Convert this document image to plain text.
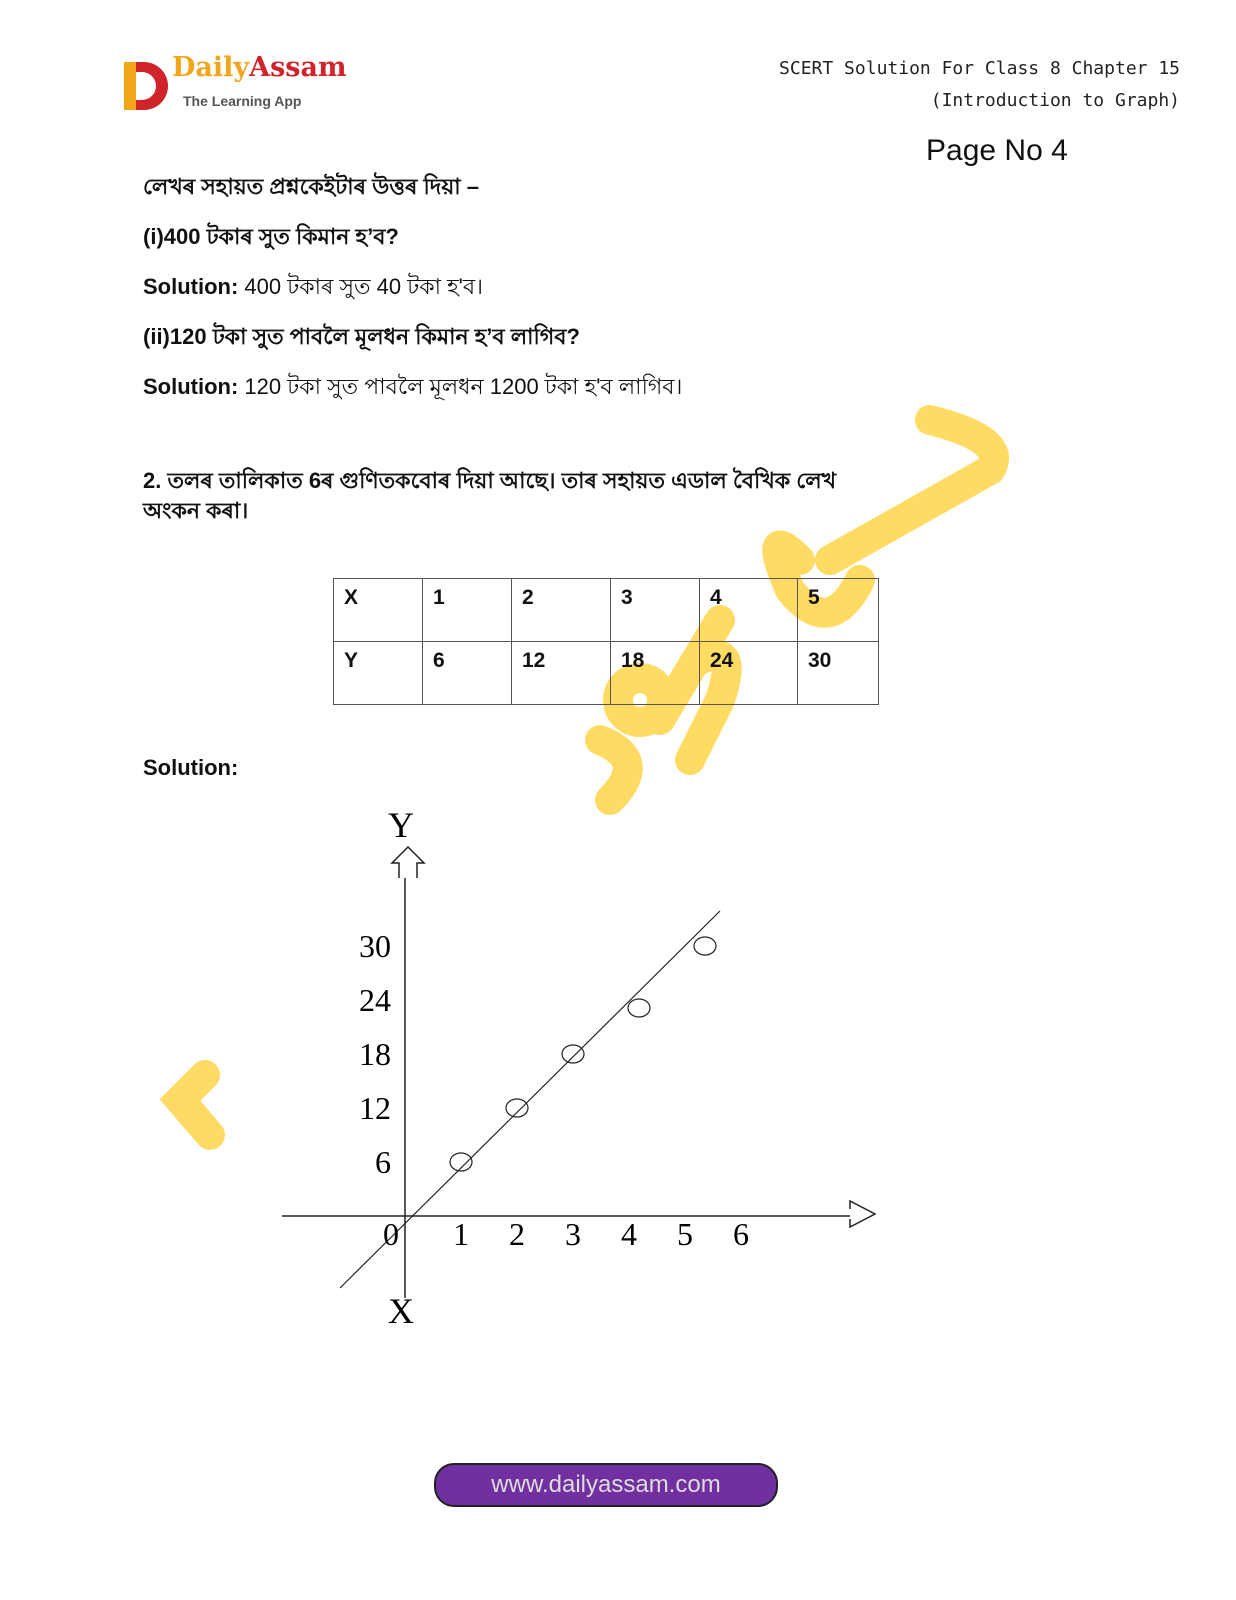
DailyAssam
The Learning App
SCERT Solution For Class 8 Chapter 15
(Introduction to Graph)
Page No 4

লেখৰ সহায়ত প্ৰশ্নকেইটাৰ উত্তৰ দিয়া –

(i)400 টকাৰ সুত কিমান হ’ব?

Solution: 400 টকাৰ সুত 40 টকা হ'ব।

(ii)120 টকা সুত পাবলৈ মূলধন কিমান হ’ব লাগিব?

Solution: 120 টকা সুত পাবলৈ মূলধন 1200 টকা হ'ব লাগিব।

2. তলৰ তালিকাত 6ৰ গুণিতকবোৰ দিয়া আছে। তাৰ সহায়ত এডাল বৈখিক লেখ

অংকন কৰা।

X	1	2	3	4	5
Y	6	12	18	24	30

Solution:

Y
X
0 1 2 3 4 5 6
6
12
18
24
30
www.dailyassam.com
